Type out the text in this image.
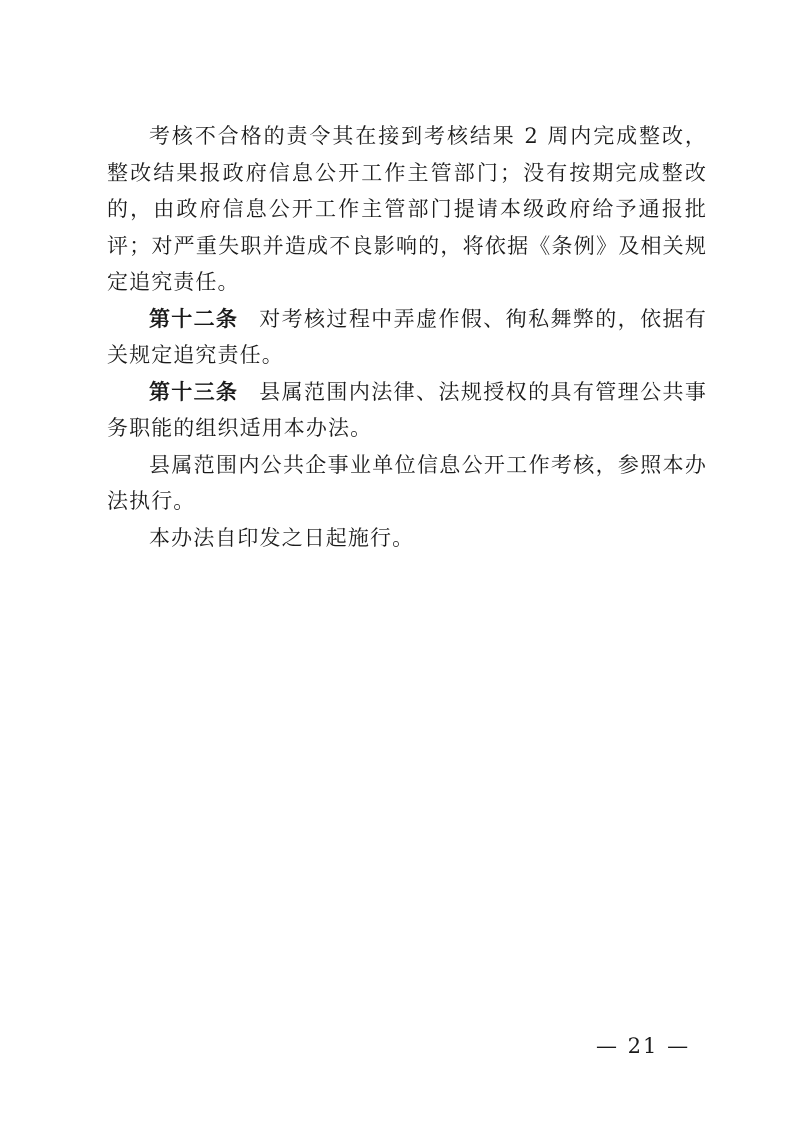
考核不合格的责令其在接到考核结果 2 周内完成整改，整改结果报政府信息公开工作主管部门；没有按期完成整改的，由政府信息公开工作主管部门提请本级政府给予通报批评；对严重失职并造成不良影响的，将依据《条例》及相关规定追究责任。

第十二条 对考核过程中弄虚作假、徇私舞弊的，依据有关规定追究责任。

第十三条 县属范围内法律、法规授权的具有管理公共事务职能的组织适用本办法。

县属范围内公共企事业单位信息公开工作考核，参照本办法执行。

本办法自印发之日起施行。

— 21 —
